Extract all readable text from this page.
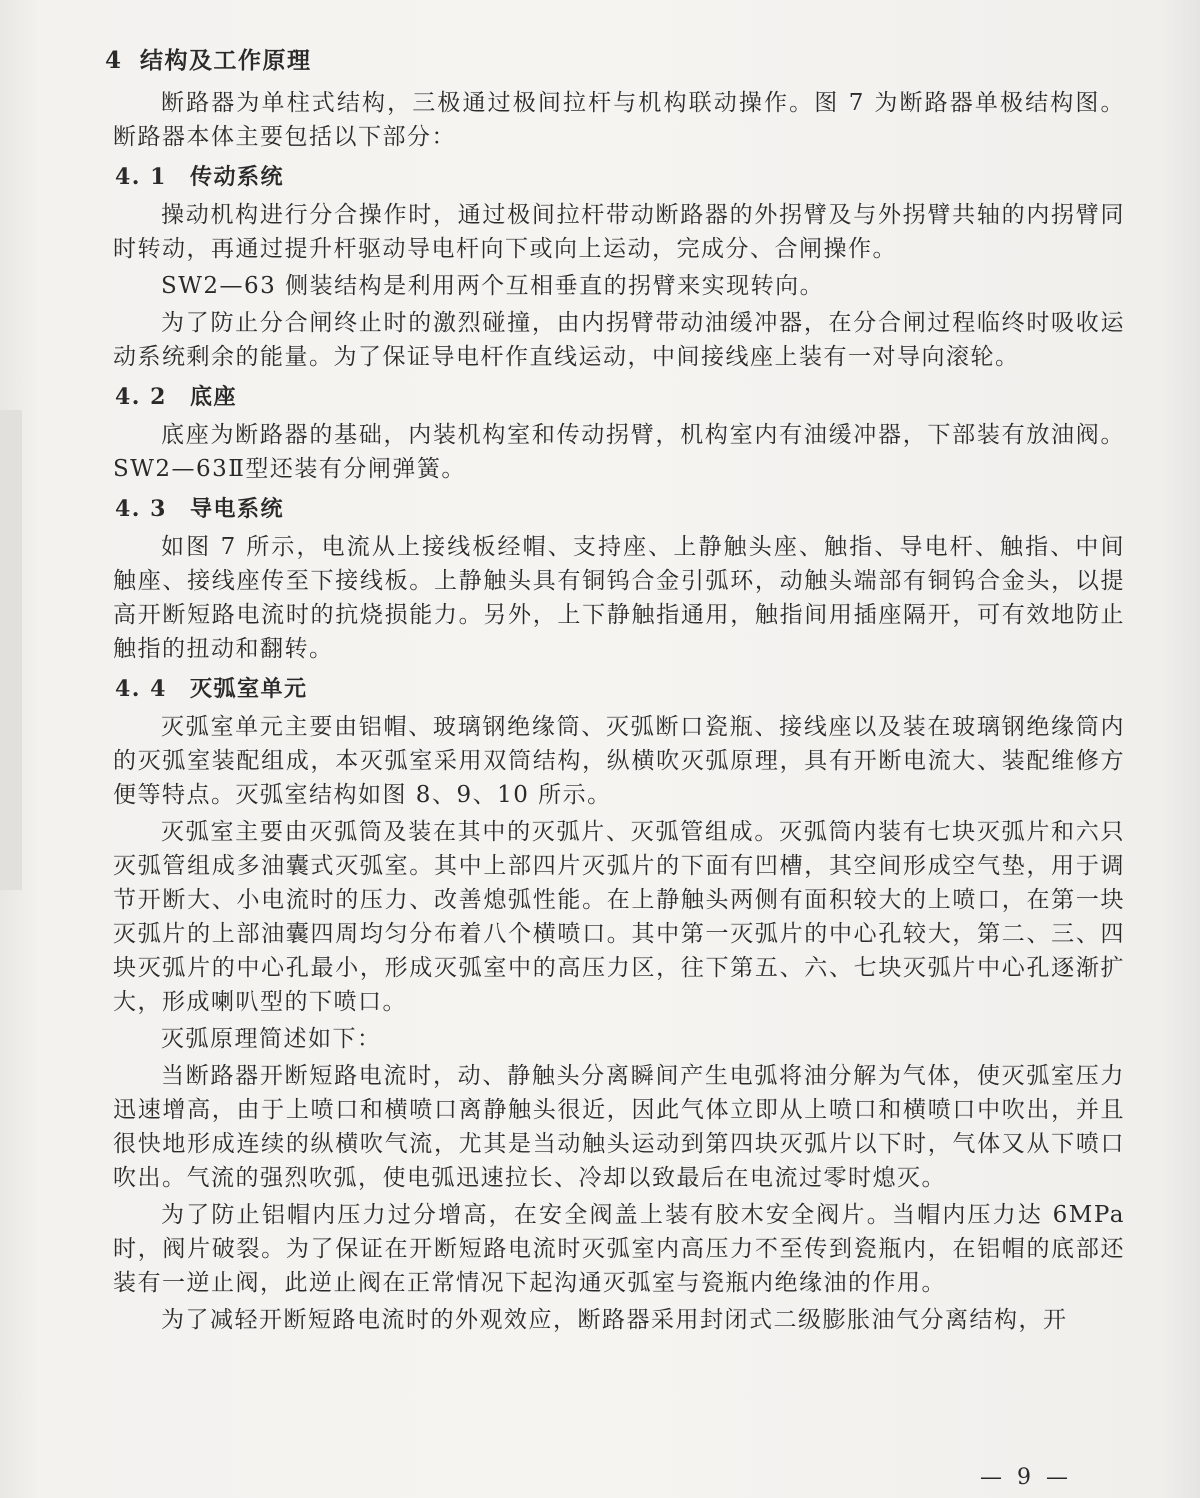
4 结构及工作原理

断路器为单柱式结构，三极通过极间拉杆与机构联动操作。图 7 为断路器单极结构图。断路器本体主要包括以下部分：

4. 1 传动系统

操动机构进行分合操作时，通过极间拉杆带动断路器的外拐臂及与外拐臂共轴的内拐臂同时转动，再通过提升杆驱动导电杆向下或向上运动，完成分、合闸操作。

SW2—63 侧装结构是利用两个互相垂直的拐臂来实现转向。

为了防止分合闸终止时的激烈碰撞，由内拐臂带动油缓冲器，在分合闸过程临终时吸收运动系统剩余的能量。为了保证导电杆作直线运动，中间接线座上装有一对导向滚轮。

4. 2 底座

底座为断路器的基础，内装机构室和传动拐臂，机构室内有油缓冲器，下部装有放油阀。SW2—63Ⅱ型还装有分闸弹簧。

4. 3 导电系统

如图 7 所示，电流从上接线板经帽、支持座、上静触头座、触指、导电杆、触指、中间触座、接线座传至下接线板。上静触头具有铜钨合金引弧环，动触头端部有铜钨合金头，以提高开断短路电流时的抗烧损能力。另外，上下静触指通用，触指间用插座隔开，可有效地防止触指的扭动和翻转。

4. 4 灭弧室单元

灭弧室单元主要由铝帽、玻璃钢绝缘筒、灭弧断口瓷瓶、接线座以及装在玻璃钢绝缘筒内的灭弧室装配组成，本灭弧室采用双筒结构，纵横吹灭弧原理，具有开断电流大、装配维修方便等特点。灭弧室结构如图 8、9、10 所示。

灭弧室主要由灭弧筒及装在其中的灭弧片、灭弧管组成。灭弧筒内装有七块灭弧片和六只灭弧管组成多油囊式灭弧室。其中上部四片灭弧片的下面有凹槽，其空间形成空气垫，用于调节开断大、小电流时的压力、改善熄弧性能。在上静触头两侧有面积较大的上喷口，在第一块灭弧片的上部油囊四周均匀分布着八个横喷口。其中第一灭弧片的中心孔较大，第二、三、四块灭弧片的中心孔最小，形成灭弧室中的高压力区，往下第五、六、七块灭弧片中心孔逐渐扩大，形成喇叭型的下喷口。

灭弧原理简述如下：

当断路器开断短路电流时，动、静触头分离瞬间产生电弧将油分解为气体，使灭弧室压力迅速增高，由于上喷口和横喷口离静触头很近，因此气体立即从上喷口和横喷口中吹出，并且很快地形成连续的纵横吹气流，尤其是当动触头运动到第四块灭弧片以下时，气体又从下喷口吹出。气流的强烈吹弧，使电弧迅速拉长、冷却以致最后在电流过零时熄灭。

为了防止铝帽内压力过分增高，在安全阀盖上装有胶木安全阀片。当帽内压力达 6MPa 时，阀片破裂。为了保证在开断短路电流时灭弧室内高压力不至传到瓷瓶内，在铝帽的底部还装有一逆止阀，此逆止阀在正常情况下起沟通灭弧室与瓷瓶内绝缘油的作用。

为了减轻开断短路电流时的外观效应，断路器采用封闭式二级膨胀油气分离结构，开

— 9 —
